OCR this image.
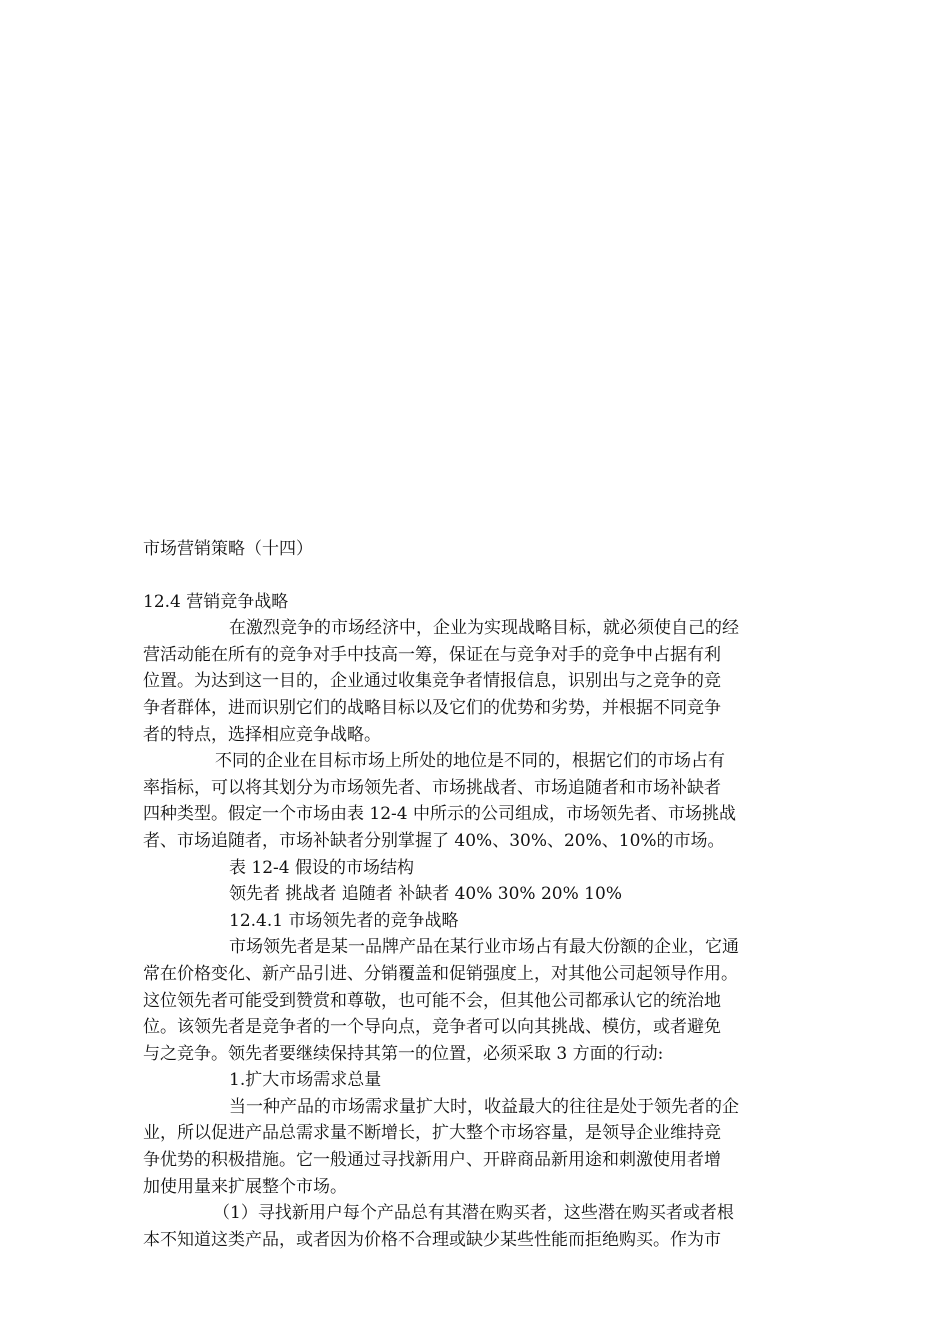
市场营销策略（十四）
12.4 营销竞争战略
在激烈竞争的市场经济中，企业为实现战略目标，就必须使自己的经
营活动能在所有的竞争对手中技高一筹，保证在与竞争对手的竞争中占据有利
位置。为达到这一目的，企业通过收集竞争者情报信息，识别出与之竞争的竞
争者群体，进而识别它们的战略目标以及它们的优势和劣势，并根据不同竞争
者的特点，选择相应竞争战略。
不同的企业在目标市场上所处的地位是不同的，根据它们的市场占有
率指标，可以将其划分为市场领先者、市场挑战者、市场追随者和市场补缺者
四种类型。假定一个市场由表 12-4 中所示的公司组成，市场领先者、市场挑战
者、市场追随者，市场补缺者分别掌握了 40%、30%、20%、10%的市场。
表 12-4 假设的市场结构
领先者 挑战者 追随者 补缺者 40% 30% 20% 10%
12.4.1 市场领先者的竞争战略
市场领先者是某一品牌产品在某行业市场占有最大份额的企业，它通
常在价格变化、新产品引进、分销覆盖和促销强度上，对其他公司起领导作用。
这位领先者可能受到赞赏和尊敬，也可能不会，但其他公司都承认它的统治地
位。该领先者是竞争者的一个导向点，竞争者可以向其挑战、模仿，或者避免
与之竞争。领先者要继续保持其第一的位置，必须采取 3 方面的行动:
1.扩大市场需求总量
当一种产品的市场需求量扩大时，收益最大的往往是处于领先者的企
业，所以促进产品总需求量不断增长，扩大整个市场容量，是领导企业维持竞
争优势的积极措施。它一般通过寻找新用户、开辟商品新用途和刺激使用者增
加使用量来扩展整个市场。
（1）寻找新用户每个产品总有其潜在购买者，这些潜在购买者或者根
本不知道这类产品，或者因为价格不合理或缺少某些性能而拒绝购买。作为市
